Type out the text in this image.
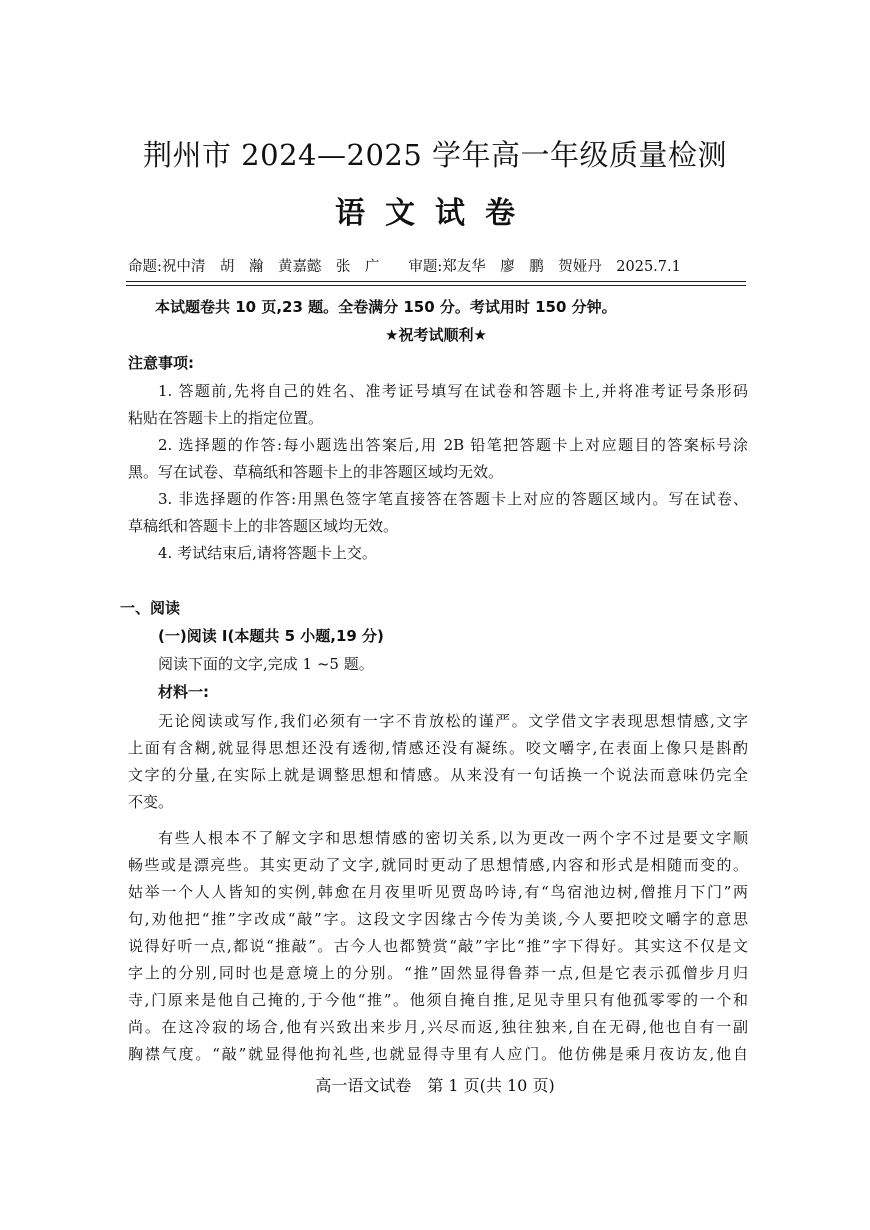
荆州市 2024—2025 学年高一年级质量检测
语文试卷
命题:祝中清　胡　瀚　黄嘉懿　张　广　　审题:郑友华　廖　鹏　贺娅丹　2025.7.1
本试题卷共 10 页,23 题。全卷满分 150 分。考试用时 150 分钟。
★祝考试顺利★
注意事项:
1. 答题前,先将自己的姓名、准考证号填写在试卷和答题卡上,并将准考证号条形码
粘贴在答题卡上的指定位置。
2. 选择题的作答:每小题选出答案后,用 2B 铅笔把答题卡上对应题目的答案标号涂
黑。写在试卷、草稿纸和答题卡上的非答题区域均无效。
3. 非选择题的作答:用黑色签字笔直接答在答题卡上对应的答题区域内。写在试卷、
草稿纸和答题卡上的非答题区域均无效。
4. 考试结束后,请将答题卡上交。
一、阅读
(一)阅读 I(本题共 5 小题,19 分)
阅读下面的文字,完成 1 ~5 题。
材料一:
无论阅读或写作,我们必须有一字不肯放松的谨严。文学借文字表现思想情感,文字
上面有含糊,就显得思想还没有透彻,情感还没有凝练。咬文嚼字,在表面上像只是斟酌
文字的分量,在实际上就是调整思想和情感。从来没有一句话换一个说法而意味仍完全
不变。
有些人根本不了解文字和思想情感的密切关系,以为更改一两个字不过是要文字顺
畅些或是漂亮些。其实更动了文字,就同时更动了思想情感,内容和形式是相随而变的。
姑举一个人人皆知的实例,韩愈在月夜里听见贾岛吟诗,有“鸟宿池边树,僧推月下门”两
句,劝他把“推”字改成“敲”字。这段文字因缘古今传为美谈,今人要把咬文嚼字的意思
说得好听一点,都说“推敲”。古今人也都赞赏“敲”字比“推”字下得好。其实这不仅是文
字上的分别,同时也是意境上的分别。“推”固然显得鲁莽一点,但是它表示孤僧步月归
寺,门原来是他自己掩的,于今他“推”。他须自掩自推,足见寺里只有他孤零零的一个和
尚。在这冷寂的场合,他有兴致出来步月,兴尽而返,独往独来,自在无碍,他也自有一副
胸襟气度。“敲”就显得他拘礼些,也就显得寺里有人应门。他仿佛是乘月夜访友,他自
高一语文试卷　第 1 页(共 10 页)
